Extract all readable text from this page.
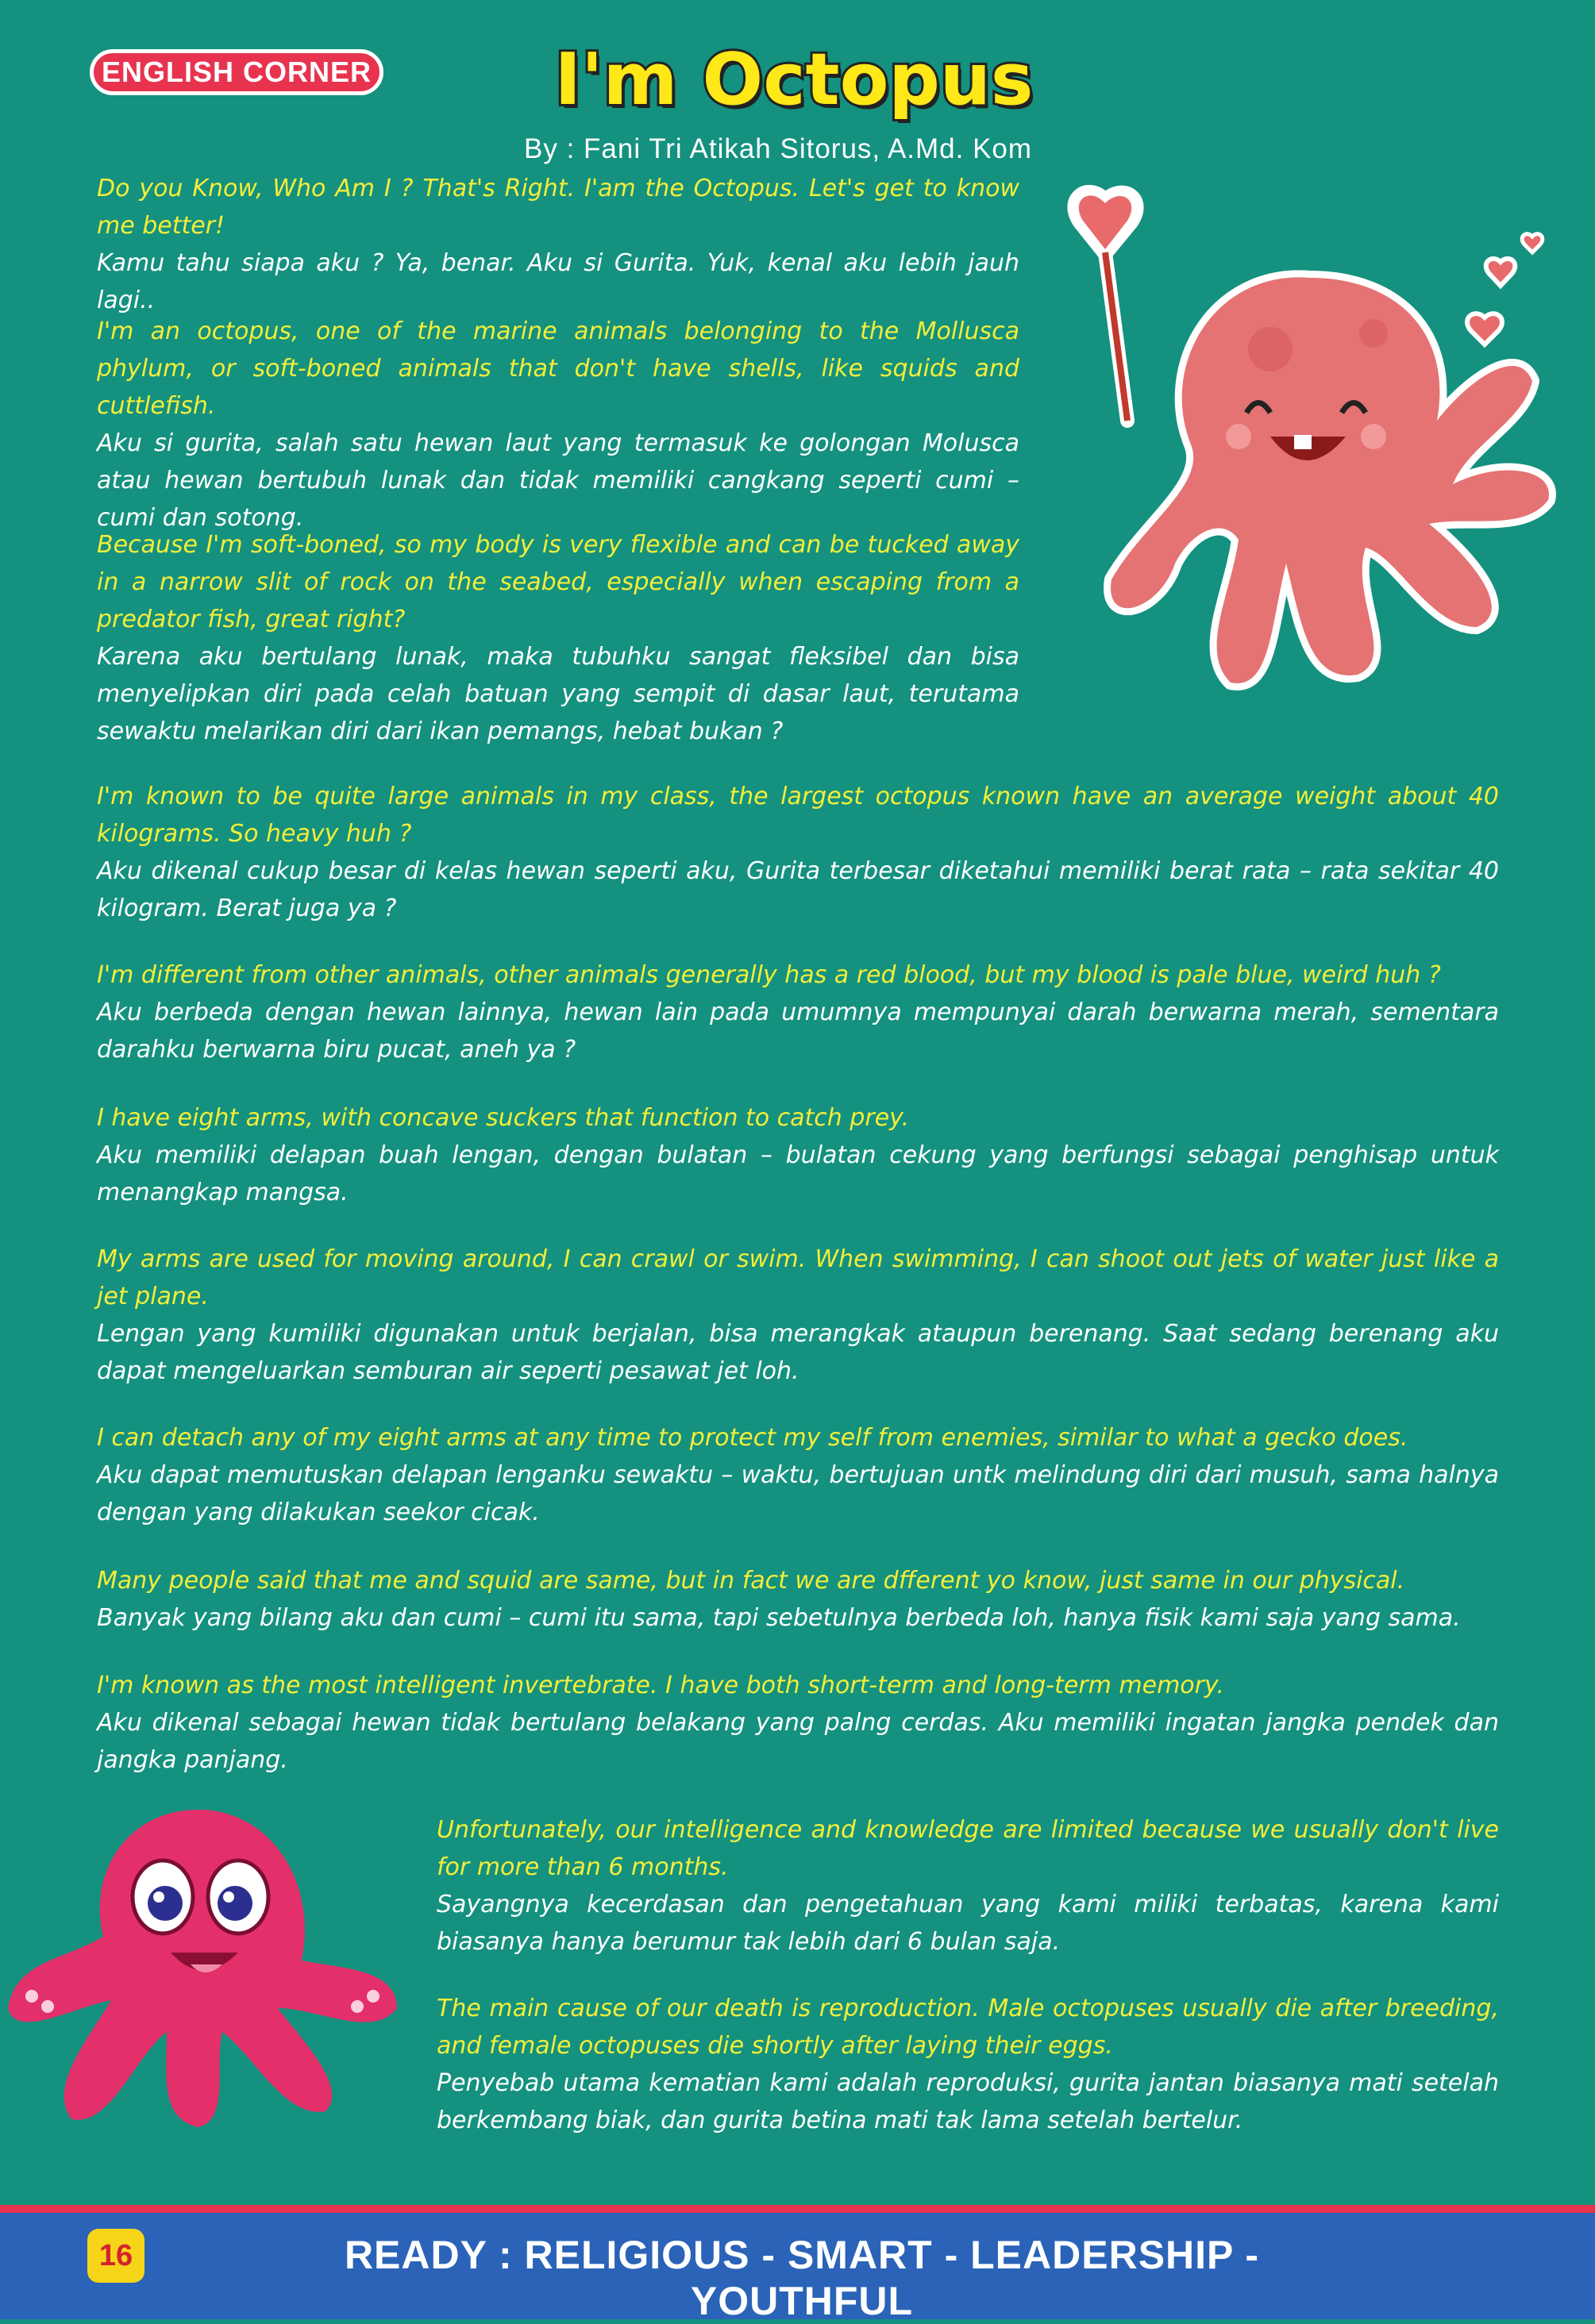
ENGLISH CORNER	I'm Octopus
By : Fani Tri Atikah Sitorus, A.Md. Kom

Do you Know, Who Am I ? That's Right. I'am the Octopus. Let's get to know me better!

Kamu tahu siapa aku ? Ya, benar. Aku si Gurita. Yuk, kenal aku lebih jauh lagi..

I'm an octopus, one of the marine animals belonging to the Mollusca phylum, or soft-boned animals that don't have shells, like squids and cuttlefish.

Aku si gurita, salah satu hewan laut yang termasuk ke golongan Molusca atau hewan bertubuh lunak dan tidak memiliki cangkang seperti cumi – cumi dan sotong.

Because I'm soft-boned, so my body is very flexible and can be tucked away in a narrow slit of rock on the seabed, especially when escaping from a predator fish, great right?

Karena aku bertulang lunak, maka tubuhku sangat fleksibel dan bisa menyelipkan diri pada celah batuan yang sempit di dasar laut, terutama sewaktu melarikan diri dari ikan pemangs, hebat bukan ?

I'm known to be quite large animals in my class, the largest octopus known have an average weight about 40 kilograms. So heavy huh ?

Aku dikenal cukup besar di kelas hewan seperti aku, Gurita terbesar diketahui memiliki berat rata – rata sekitar 40 kilogram. Berat juga ya ?

I'm different from other animals, other animals generally has a red blood, but my blood is pale blue, weird huh ?

Aku berbeda dengan hewan lainnya, hewan lain pada umumnya mempunyai darah berwarna merah, sementara darahku berwarna biru pucat, aneh ya ?

I have eight arms, with concave suckers that function to catch prey.

Aku memiliki delapan buah lengan, dengan bulatan – bulatan cekung yang berfungsi sebagai penghisap untuk menangkap mangsa.

My arms are used for moving around, I can crawl or swim. When swimming, I can shoot out jets of water just like a jet plane.

Lengan yang kumiliki digunakan untuk berjalan, bisa merangkak ataupun berenang. Saat sedang berenang aku dapat mengeluarkan semburan air seperti pesawat jet loh.

I can detach any of my eight arms at any time to protect my self from enemies, similar to what a gecko does.

Aku dapat memutuskan delapan lenganku sewaktu – waktu, bertujuan untk melindung diri dari musuh, sama halnya dengan yang dilakukan seekor cicak.

Many people said that me and squid are same, but in fact we are dfferent yo know, just same in our physical.

Banyak yang bilang aku dan cumi – cumi itu sama, tapi sebetulnya berbeda loh, hanya fisik kami saja yang sama.

I'm known as the most intelligent invertebrate. I have both short-term and long-term memory.

Aku dikenal sebagai hewan tidak bertulang belakang yang palng cerdas. Aku memiliki ingatan jangka pendek dan jangka panjang.

Unfortunately, our intelligence and knowledge are limited because we usually don't live for more than 6 months.

Sayangnya kecerdasan dan pengetahuan yang kami miliki terbatas, karena kami biasanya hanya berumur tak lebih dari 6 bulan saja.

The main cause of our death is reproduction. Male octopuses usually die after breeding, and female octopuses die shortly after laying their eggs.

Penyebab utama kematian kami adalah reproduksi, gurita jantan biasanya mati setelah berkembang biak, dan gurita betina mati tak lama setelah bertelur.

16	READY : RELIGIOUS - SMART - LEADERSHIP - YOUTHFUL
